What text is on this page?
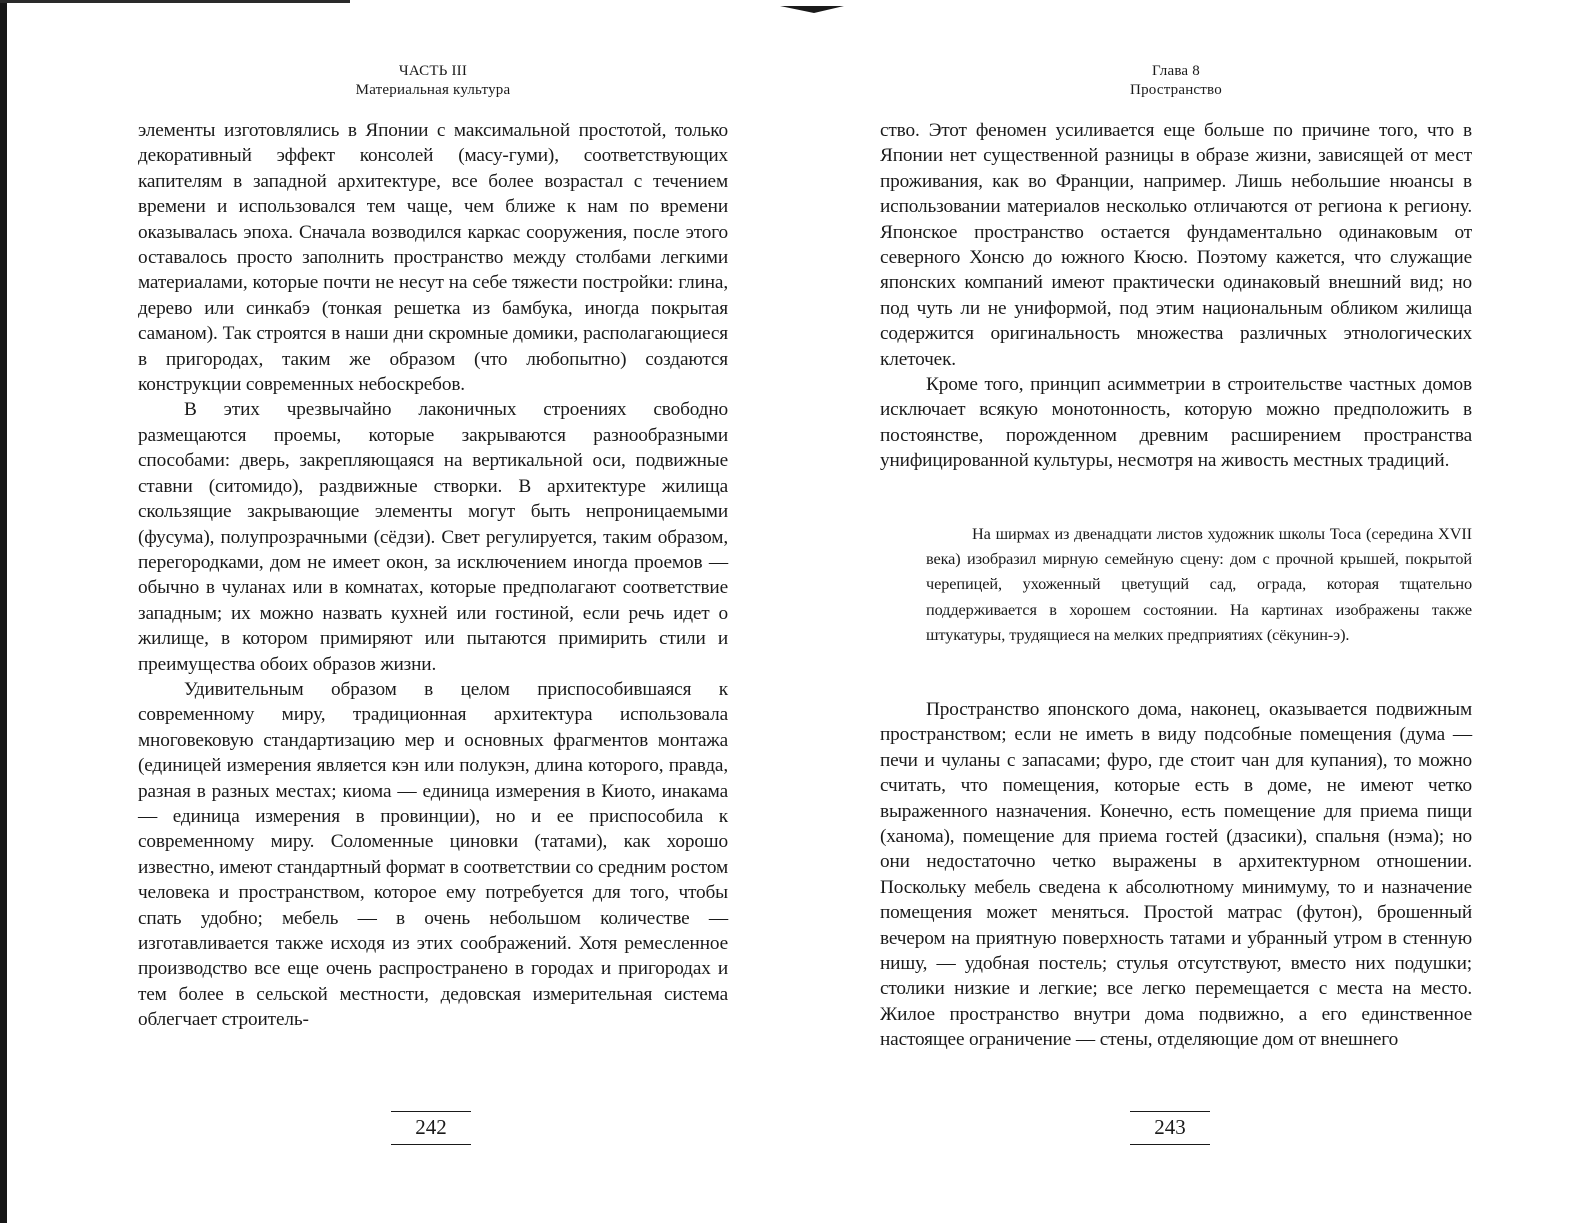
ЧАСТЬ III
Материальная культура

элементы изготовлялись в Японии с максимальной простотой, только декоративный эффект консолей (масу-гуми), соответствующих капителям в западной архитектуре, все более возрастал с течением времени и использовался тем чаще, чем ближе к нам по времени оказывалась эпоха. Сначала возводился каркас сооружения, после этого оставалось просто заполнить пространство между столбами легкими материалами, которые почти не несут на себе тяжести постройки: глина, дерево или синкабэ (тонкая решетка из бамбука, иногда покрытая саманом). Так строятся в наши дни скромные домики, располагающиеся в пригородах, таким же образом (что любопытно) создаются конструкции современных небоскребов.

В этих чрезвычайно лаконичных строениях свободно размещаются проемы, которые закрываются разнообразными способами: дверь, закрепляющаяся на вертикальной оси, подвижные ставни (ситомидо), раздвижные створки. В архитектуре жилища скользящие закрывающие элементы могут быть непроницаемыми (фусума), полупрозрачными (сёдзи). Свет регулируется, таким образом, перегородками, дом не имеет окон, за исключением иногда проемов — обычно в чуланах или в комнатах, которые предполагают соответствие западным; их можно назвать кухней или гостиной, если речь идет о жилище, в котором примиряют или пытаются примирить стили и преимущества обоих образов жизни.

Удивительным образом в целом приспособившаяся к современному миру, традиционная архитектура использовала многовековую стандартизацию мер и основных фрагментов монтажа (единицей измерения является кэн или полукэн, длина которого, правда, разная в разных местах; киома — единица измерения в Киото, инакама — единица измерения в провинции), но и ее приспособила к современному миру. Соломенные циновки (татами), как хорошо известно, имеют стандартный формат в соответствии со средним ростом человека и пространством, которое ему потребуется для того, чтобы спать удобно; мебель — в очень небольшом количестве — изготавливается также исходя из этих соображений. Хотя ремесленное производство все еще очень распространено в городах и пригородах и тем более в сельской местности, дедовская измерительная система облегчает строитель-

242
Глава 8
Пространство

ство. Этот феномен усиливается еще больше по причине того, что в Японии нет существенной разницы в образе жизни, зависящей от мест проживания, как во Франции, например. Лишь небольшие нюансы в использовании материалов несколько отличаются от региона к региону. Японское пространство остается фундаментально одинаковым от северного Хонсю до южного Кюсю. Поэтому кажется, что служащие японских компаний имеют практически одинаковый внешний вид; но под чуть ли не униформой, под этим национальным обликом жилища содержится оригинальность множества различных этнологических клеточек.

Кроме того, принцип асимметрии в строительстве частных домов исключает всякую монотонность, которую можно предположить в постоянстве, порожденном древним расширением пространства унифицированной культуры, несмотря на живость местных традиций.

На ширмах из двенадцати листов художник школы Тоса (середина XVII века) изобразил мирную семейную сцену: дом с прочной крышей, покрытой черепицей, ухоженный цветущий сад, ограда, которая тщательно поддерживается в хорошем состоянии. На картинах изображены также штукатуры, трудящиеся на мелких предприятиях (сёкунин-э).

Пространство японского дома, наконец, оказывается подвижным пространством; если не иметь в виду подсобные помещения (дума — печи и чуланы с запасами; фуро, где стоит чан для купания), то можно считать, что помещения, которые есть в доме, не имеют четко выраженного назначения. Конечно, есть помещение для приема пищи (ханома), помещение для приема гостей (дзасики), спальня (нэма); но они недостаточно четко выражены в архитектурном отношении. Поскольку мебель сведена к абсолютному минимуму, то и назначение помещения может меняться. Простой матрас (футон), брошенный вечером на приятную поверхность татами и убранный утром в стенную нишу, — удобная постель; стулья отсутствуют, вместо них подушки; столики низкие и легкие; все легко перемещается с места на место. Жилое пространство внутри дома подвижно, а его единственное настоящее ограничение — стены, отделяющие дом от внешнего

243
